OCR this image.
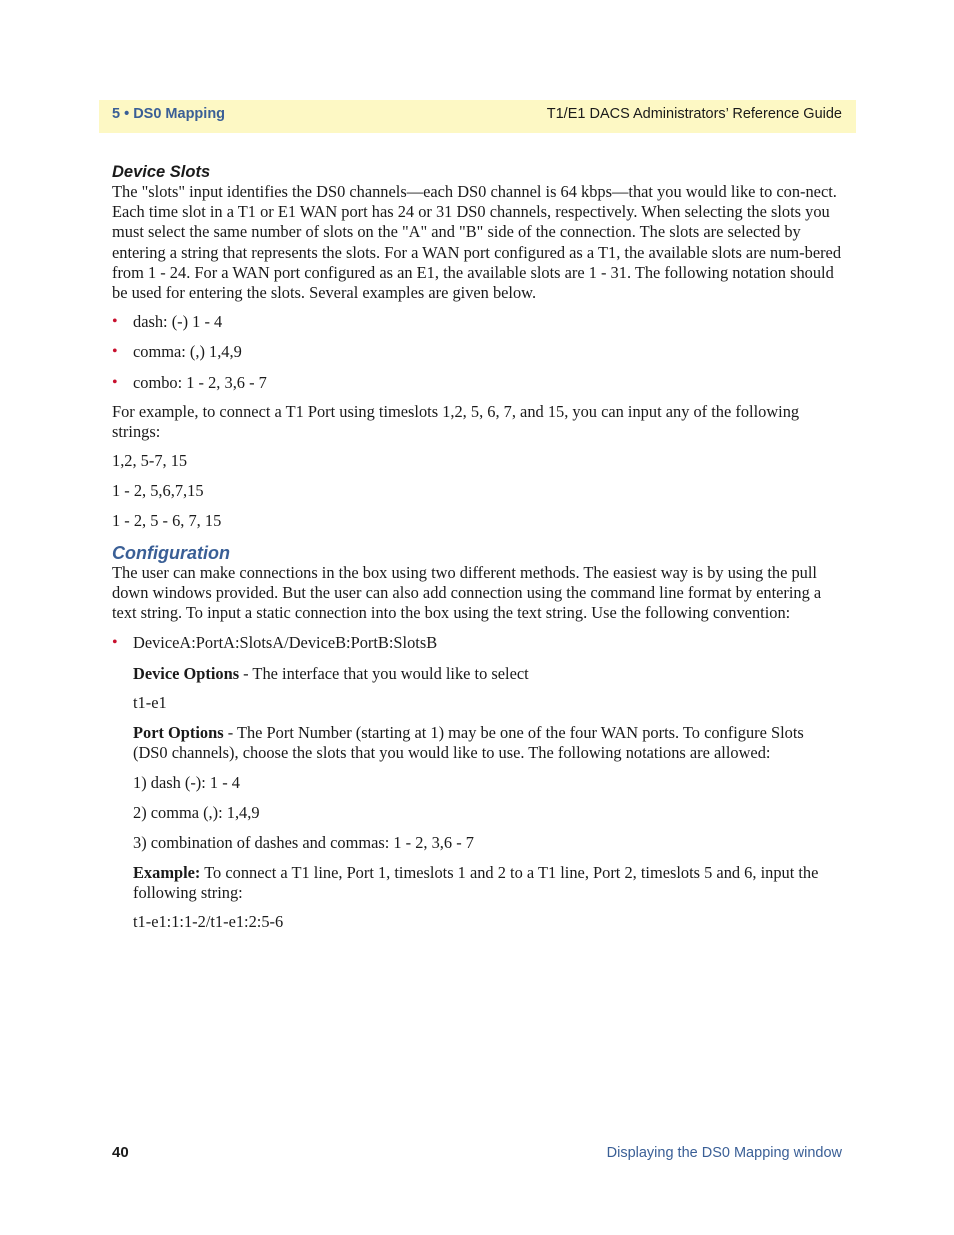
5 • DS0 Mapping	T1/E1 DACS Administrators’ Reference Guide
Device Slots

The "slots" input identifies the DS0 channels—each DS0 channel is 64 kbps—that you would like to con-nect. Each time slot in a T1 or E1 WAN port has 24 or 31 DS0 channels, respectively. When selecting the slots you must select the same number of slots on the "A" and "B" side of the connection. The slots are selected by entering a string that represents the slots. For a WAN port configured as a T1, the available slots are num-bered from 1 - 24. For a WAN port configured as an E1, the available slots are 1 - 31. The following notation should be used for entering the slots. Several examples are given below.

• dash: (-) 1 - 4
• comma: (,) 1,4,9
• combo: 1 - 2, 3,6 - 7

For example, to connect a T1 Port using timeslots 1,2, 5, 6, 7, and 15, you can input any of the following strings:

1,2, 5-7, 15

1 - 2, 5,6,7,15

1 - 2, 5 - 6, 7, 15

Configuration

The user can make connections in the box using two different methods. The easiest way is by using the pull down windows provided. But the user can also add connection using the command line format by entering a text string. To input a static connection into the box using the text string. Use the following convention:

• DeviceA:PortA:SlotsA/DeviceB:PortB:SlotsB

Device Options - The interface that you would like to select

t1-e1

Port Options - The Port Number (starting at 1) may be one of the four WAN ports. To configure Slots (DS0 channels), choose the slots that you would like to use. The following notations are allowed:

1) dash (-): 1 - 4

2) comma (,): 1,4,9

3) combination of dashes and commas: 1 - 2, 3,6 - 7

Example: To connect a T1 line, Port 1, timeslots 1 and 2 to a T1 line, Port 2, timeslots 5 and 6, input the following string:

t1-e1:1:1-2/t1-e1:2:5-6

40	Displaying the DS0 Mapping window
